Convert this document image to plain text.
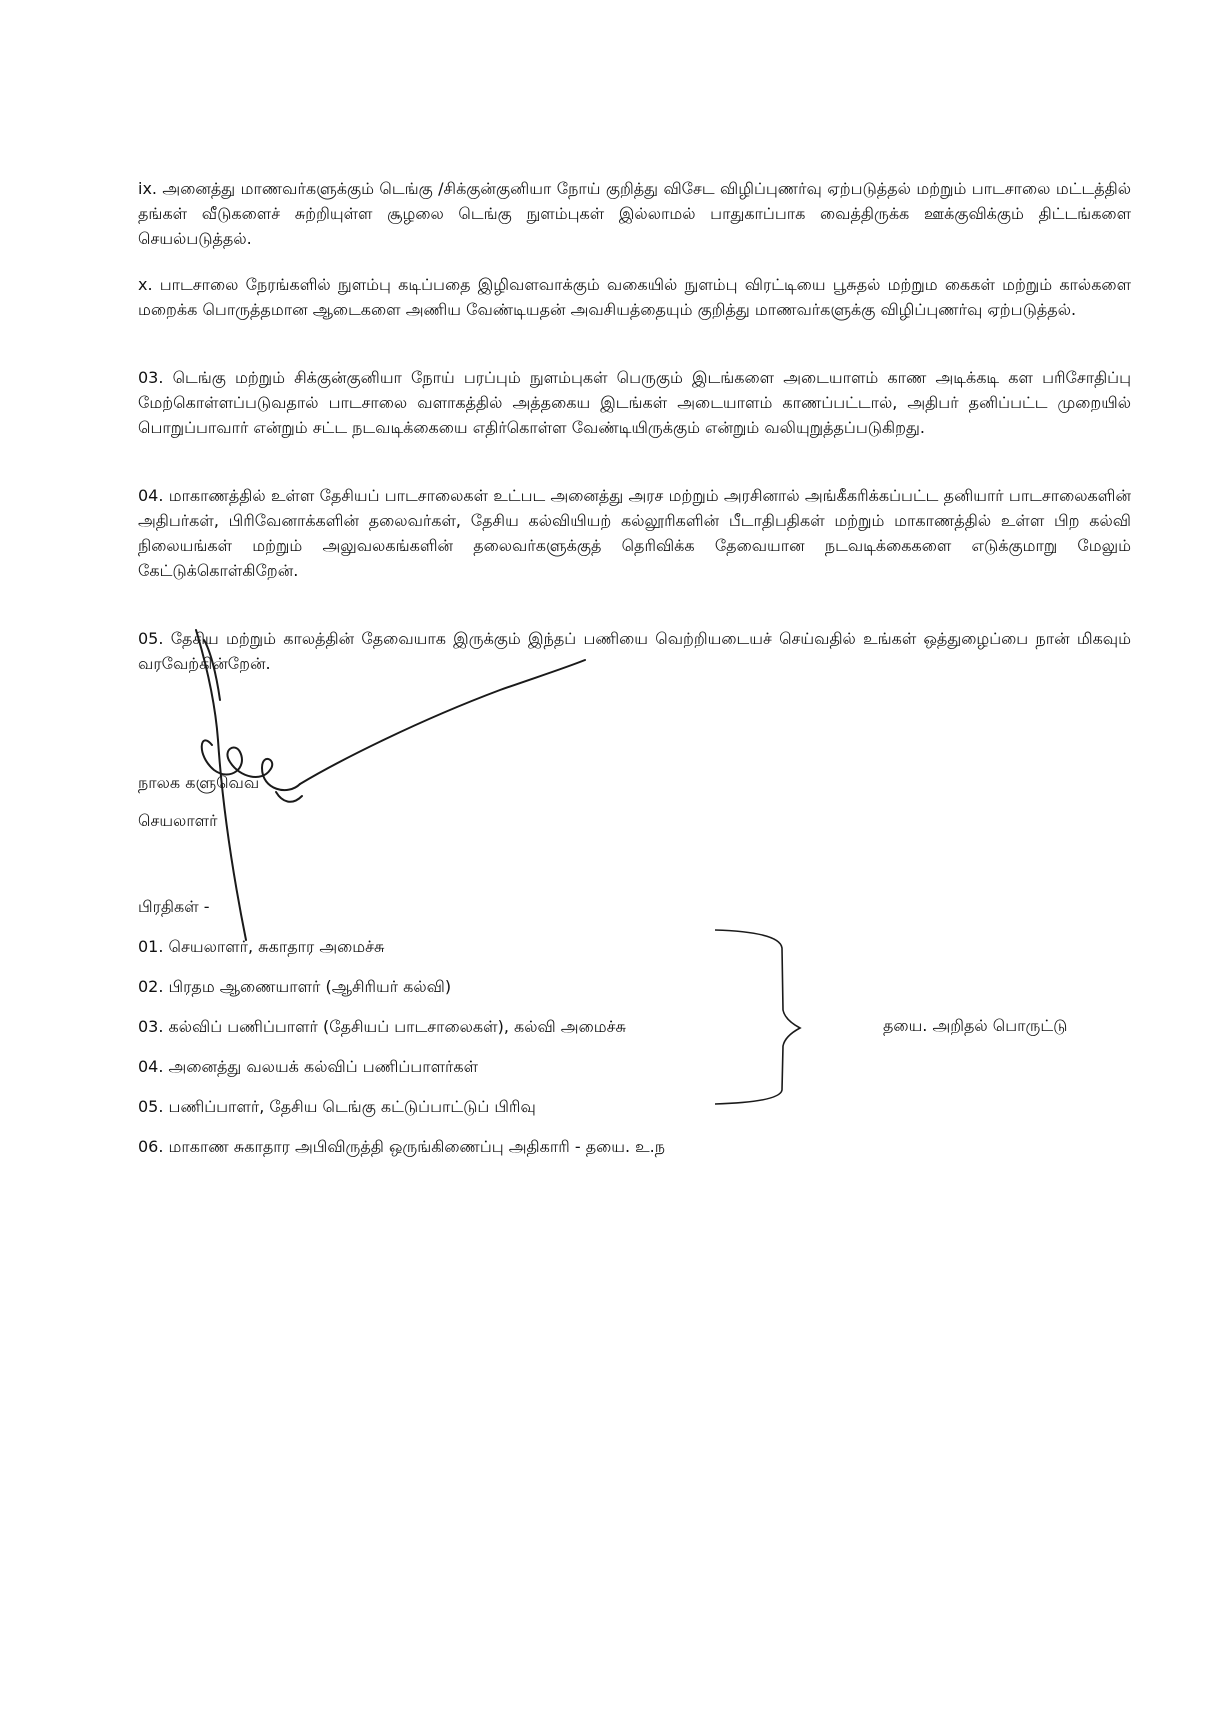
ix. அனைத்து மாணவர்களுக்கும் டெங்கு /சிக்குன்குனியா நோய் குறித்து விசேட விழிப்புணர்வு ஏற்படுத்தல் மற்றும் பாடசாலை மட்டத்தில் தங்கள் வீடுகளைச் சுற்றியுள்ள சூழலை டெங்கு நுளம்புகள் இல்லாமல் பாதுகாப்பாக வைத்திருக்க ஊக்குவிக்கும் திட்டங்களை செயல்படுத்தல்.

x. பாடசாலை நேரங்களில் நுளம்பு கடிப்பதை இழிவளவாக்கும் வகையில் நுளம்பு விரட்டியை பூசுதல் மற்றும கைகள் மற்றும் கால்களை மறைக்க பொருத்தமான ஆடைகளை அணிய வேண்டியதன் அவசியத்தையும் குறித்து மாணவர்களுக்கு விழிப்புணர்வு ஏற்படுத்தல்.

03. டெங்கு மற்றும் சிக்குன்குனியா நோய் பரப்பும் நுளம்புகள் பெருகும் இடங்களை அடையாளம் காண அடிக்கடி கள பரிசோதிப்பு மேற்கொள்ளப்படுவதால் பாடசாலை வளாகத்தில் அத்தகைய இடங்கள் அடையாளம் காணப்பட்டால், அதிபர் தனிப்பட்ட முறையில் பொறுப்பாவார் என்றும் சட்ட நடவடிக்கையை எதிர்கொள்ள வேண்டியிருக்கும் என்றும் வலியுறுத்தப்படுகிறது.

04. மாகாணத்தில் உள்ள தேசியப் பாடசாலைகள் உட்பட அனைத்து அரச மற்றும் அரசினால் அங்கீகரிக்கப்பட்ட தனியார் பாடசாலைகளின் அதிபர்கள், பிரிவேனாக்களின் தலைவர்கள், தேசிய கல்வியியற் கல்லூரிகளின் பீடாதிபதிகள் மற்றும் மாகாணத்தில் உள்ள பிற கல்வி நிலையங்கள் மற்றும் அலுவலகங்களின் தலைவர்களுக்குத் தெரிவிக்க தேவையான நடவடிக்கைகளை எடுக்குமாறு மேலும் கேட்டுக்கொள்கிறேன்.

05. தேசிய மற்றும் காலத்தின் தேவையாக இருக்கும் இந்தப் பணியை வெற்றியடையச் செய்வதில் உங்கள் ஒத்துழைப்பை நான் மிகவும் வரவேற்கின்றேன்.

நாலக களுவெவ
செயலாளர்
பிரதிகள் -
01. செயலாளர், சுகாதார அமைச்சு
02. பிரதம ஆணையாளர் (ஆசிரியர் கல்வி)
03. கல்விப் பணிப்பாளர் (தேசியப் பாடசாலைகள்), கல்வி அமைச்சு
04. அனைத்து வலயக் கல்விப் பணிப்பாளர்கள்
05. பணிப்பாளர், தேசிய டெங்கு கட்டுப்பாட்டுப் பிரிவு
06. மாகாண சுகாதார அபிவிருத்தி ஒருங்கிணைப்பு அதிகாரி - தயை. உ.ந
தயை. அறிதல் பொருட்டு
